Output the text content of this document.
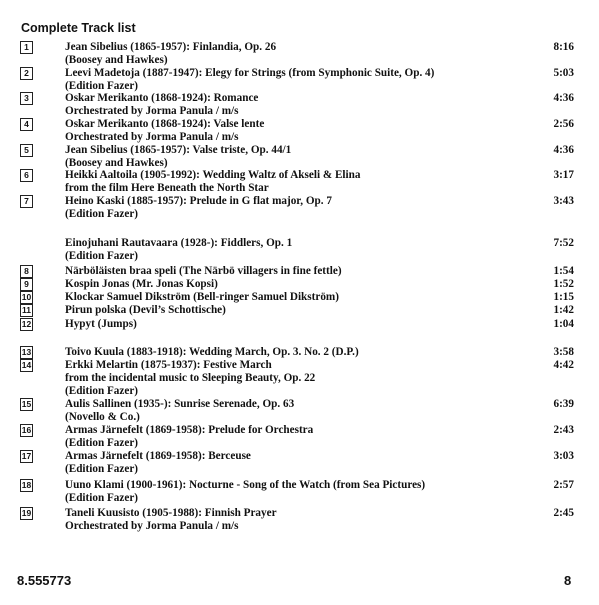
Complete Track list
1	Jean Sibelius (1865-1957): Finlandia, Op. 26
(Boosey and Hawkes)
8:16
2	Leevi Madetoja (1887-1947): Elegy for Strings (from Symphonic Suite, Op. 4)
(Edition Fazer)
5:03
3	Oskar Merikanto (1868-1924): Romance
Orchestrated by Jorma Panula / m/s
4:36
4	Oskar Merikanto (1868-1924): Valse lente
Orchestrated by Jorma Panula / m/s
2:56
5	Jean Sibelius (1865-1957): Valse triste, Op. 44/1
(Boosey and Hawkes)
4:36
6	Heikki Aaltoila (1905-1992): Wedding Waltz of Akseli & Elina
from the film Here Beneath the North Star
3:17
7	Heino Kaski (1885-1957): Prelude in G flat major, Op. 7
(Edition Fazer)
3:43
Einojuhani Rautavaara (1928-): Fiddlers, Op. 1
(Edition Fazer)
7:52
8	Närböläisten braa speli (The Närbö villagers in fine fettle)	1:54
9	Kospin Jonas (Mr. Jonas Kopsi)	1:52
10	Klockar Samuel Dikström (Bell-ringer Samuel Dikström)	1:15
11	Pirun polska (Devil’s Schottische)	1:42
12	Hypyt (Jumps)	1:04
13	Toivo Kuula (1883-1918): Wedding March, Op. 3. No. 2 (D.P.)	3:58
14	Erkki Melartin (1875-1937): Festive March
from the incidental music to Sleeping Beauty, Op. 22
(Edition Fazer)
4:42
15	Aulis Sallinen (1935-): Sunrise Serenade, Op. 63
(Novello & Co.)
6:39
16	Armas Järnefelt (1869-1958): Prelude for Orchestra
(Edition Fazer)
2:43
17	Armas Järnefelt (1869-1958): Berceuse
(Edition Fazer)
3:03
18	Uuno Klami (1900-1961): Nocturne - Song of the Watch (from Sea Pictures)
(Edition Fazer)
2:57
19	Taneli Kuusisto (1905-1988): Finnish Prayer
Orchestrated by Jorma Panula / m/s
2:45
8.555773	8
